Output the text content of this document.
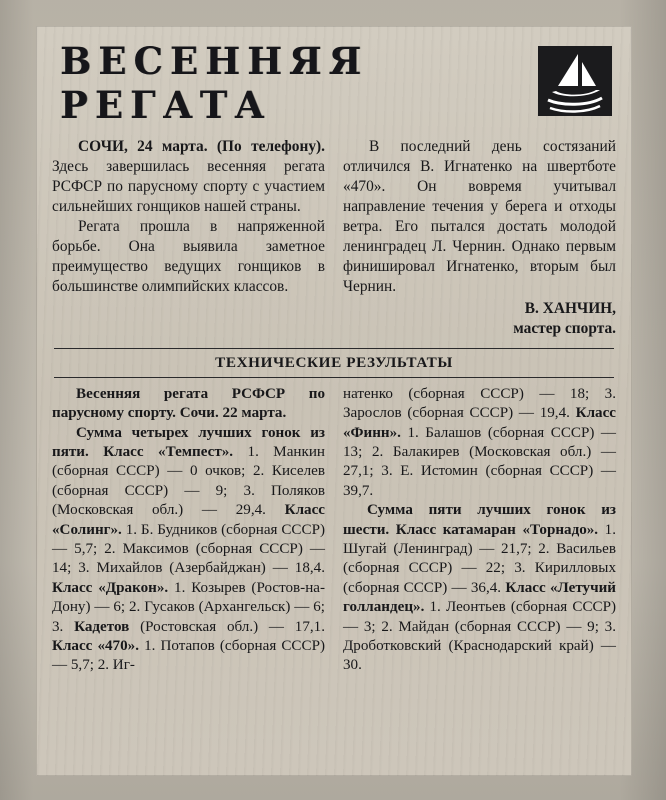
ВЕСЕННЯЯ
РЕГАТА

СОЧИ, 24 марта. (По телефону). Здесь завершилась весенняя регата РСФСР по парусному спорту с участием сильнейших гонщиков нашей страны.

Регата прошла в напряженной борьбе. Она выявила заметное преимущество ведущих гонщиков в большинстве олимпийских классов.

В последний день состязаний отличился В. Игнатенко на швертботе «470». Он вовремя учитывал направление течения у берега и отходы ветра. Его пытался достать молодой ленинградец Л. Чернин. Однако первым финишировал Игнатенко, вторым был Чернин.

В. ХАНЧИН,
мастер спорта.
ТЕХНИЧЕСКИЕ РЕЗУЛЬТАТЫ

Весенняя регата РСФСР по парусному спорту. Сочи. 22 марта.

Сумма четырех лучших гонок из пяти. Класс «Темпест». 1. Манкин (сборная СССР) — 0 очков; 2. Киселев (сборная СССР) — 9; 3. Поляков (Московская обл.) — 29,4. Класс «Солинг». 1. Б. Будников (сборная СССР) — 5,7; 2. Максимов (сборная СССР) — 14; 3. Михайлов (Азербайджан) — 18,4. Класс «Дракон». 1. Козырев (Ростов-на-Дону) — 6; 2. Гусаков (Архангельск) — 6; 3. Кадетов (Ростовская обл.) — 17,1. Класс «470». 1. Потапов (сборная СССР) — 5,7; 2. Иг-

натенко (сборная СССР) — 18; 3. Зарослов (сборная СССР) — 19,4. Класс «Финн». 1. Балашов (сборная СССР) — 13; 2. Балакирев (Московская обл.) — 27,1; 3. Е. Истомин (сборная СССР) — 39,7.

Сумма пяти лучших гонок из шести. Класс катамаран «Торнадо». 1. Шугай (Ленинград) — 21,7; 2. Васильев (сборная СССР) — 22; 3. Кирилловых (сборная СССР) — 36,4. Класс «Летучий голландец». 1. Леонтьев (сборная СССР) — 3; 2. Майдан (сборная СССР) — 9; 3. Дроботковский (Краснодарский край) — 30.
